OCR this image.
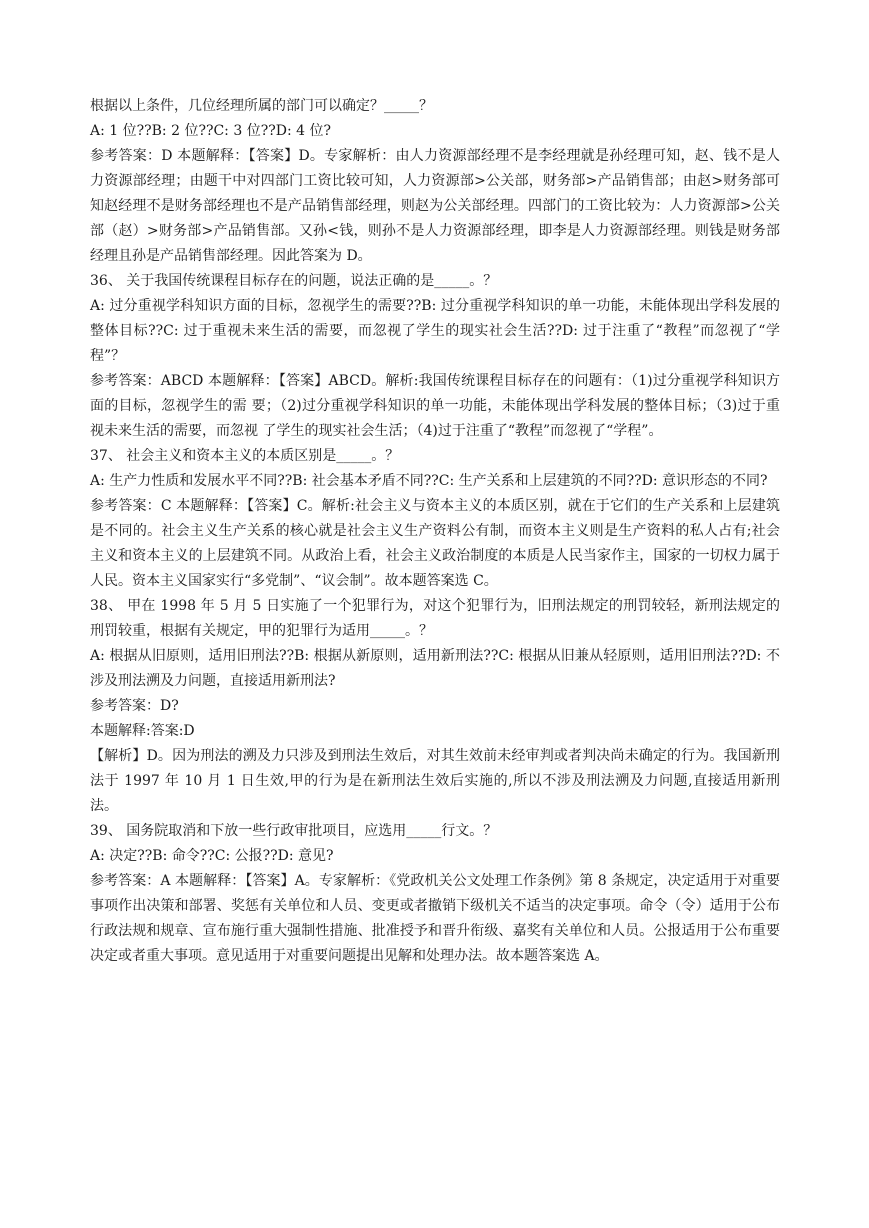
根据以上条件，几位经理所属的部门可以确定？_____？

A: 1 位??B: 2 位??C: 3 位??D: 4 位?

参考答案：D 本题解释：【答案】D。专家解析：由人力资源部经理不是李经理就是孙经理可知，赵、钱不是人力资源部经理；由题干中对四部门工资比较可知，人力资源部>公关部，财务部>产品销售部；由赵>财务部可知赵经理不是财务部经理也不是产品销售部经理，则赵为公关部经理。四部门的工资比较为：人力资源部>公关部（赵）>财务部>产品销售部。又孙<钱，则孙不是人力资源部经理，即李是人力资源部经理。则钱是财务部经理且孙是产品销售部经理。因此答案为 D。

36、 关于我国传统课程目标存在的问题，说法正确的是_____。？

A: 过分重视学科知识方面的目标，忽视学生的需要??B: 过分重视学科知识的单一功能，未能体现出学科发展的整体目标??C: 过于重视未来生活的需要，而忽视了学生的现实社会生活??D: 过于注重了“教程”而忽视了“学程”？

参考答案：ABCD 本题解释：【答案】ABCD。解析:我国传统课程目标存在的问题有：（1)过分重视学科知识方面的目标，忽视学生的需 要；（2)过分重视学科知识的单一功能，未能体现出学科发展的整体目标；（3)过于重视未来生活的需要，而忽视 了学生的现实社会生活；（4)过于注重了“教程”而忽视了“学程”。

37、 社会主义和资本主义的本质区别是_____。？

A: 生产力性质和发展水平不同??B: 社会基本矛盾不同??C: 生产关系和上层建筑的不同??D: 意识形态的不同?

参考答案：C 本题解释：【答案】C。解析:社会主义与资本主义的本质区别，就在于它们的生产关系和上层建筑是不同的。社会主义生产关系的核心就是社会主义生产资料公有制，而资本主义则是生产资料的私人占有;社会主义和资本主义的上层建筑不同。从政治上看，社会主义政治制度的本质是人民当家作主，国家的一切权力属于人民。资本主义国家实行“多党制”、“议会制”。故本题答案选 C。

38、 甲在 1998 年 5 月 5 日实施了一个犯罪行为，对这个犯罪行为，旧刑法规定的刑罚较轻，新刑法规定的刑罚较重，根据有关规定，甲的犯罪行为适用_____。？

A: 根据从旧原则，适用旧刑法??B: 根据从新原则，适用新刑法??C: 根据从旧兼从轻原则，适用旧刑法??D: 不涉及刑法溯及力问题，直接适用新刑法?

参考答案：D?

本题解释:答案:D

【解析】D。因为刑法的溯及力只涉及到刑法生效后，对其生效前未经审判或者判决尚未确定的行为。我国新刑法于 1997 年 10 月 1 日生效,甲的行为是在新刑法生效后实施的,所以不涉及刑法溯及力问题,直接适用新刑法。

39、 国务院取消和下放一些行政审批项目，应选用_____行文。？

A: 决定??B: 命令??C: 公报??D: 意见?

参考答案：A 本题解释：【答案】A。专家解析：《党政机关公文处理工作条例》第 8 条规定，决定适用于对重要事项作出决策和部署、奖惩有关单位和人员、变更或者撤销下级机关不适当的决定事项。命令（令）适用于公布行政法规和规章、宣布施行重大强制性措施、批准授予和晋升衔级、嘉奖有关单位和人员。公报适用于公布重要决定或者重大事项。意见适用于对重要问题提出见解和处理办法。故本题答案选 A。
